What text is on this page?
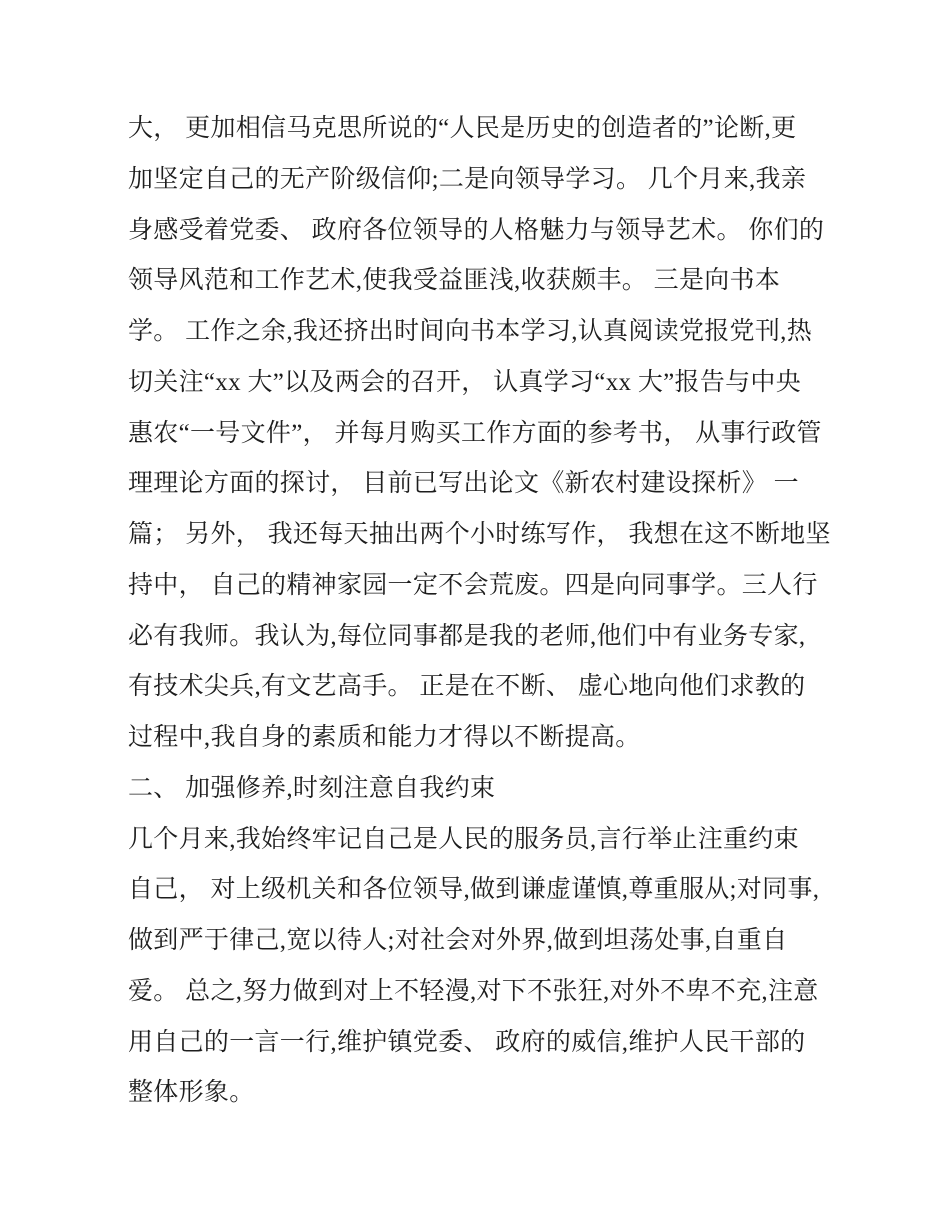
大， 更加相信马克思所说的“人民是历史的创造者的”论断,更
加坚定自己的无产阶级信仰;二是向领导学习。 几个月来,我亲
身感受着党委、 政府各位领导的人格魅力与领导艺术。 你们的
领导风范和工作艺术,使我受益匪浅,收获颇丰。 三是向书本
学。 工作之余,我还挤出时间向书本学习,认真阅读党报党刊,热
切关注“xx 大”以及两会的召开， 认真学习“xx 大”报告与中央
惠农“一号文件”， 并每月购买工作方面的参考书， 从事行政管
理理论方面的探讨， 目前已写出论文《新农村建设探析》 一
篇； 另外， 我还每天抽出两个小时练写作， 我想在这不断地坚
持中， 自己的精神家园一定不会荒废。四是向同事学。三人行
必有我师。我认为,每位同事都是我的老师,他们中有业务专家,
有技术尖兵,有文艺高手。 正是在不断、 虚心地向他们求教的
过程中,我自身的素质和能力才得以不断提高。
二、 加强修养,时刻注意自我约束
几个月来,我始终牢记自己是人民的服务员,言行举止注重约束
自己， 对上级机关和各位领导,做到谦虚谨慎,尊重服从;对同事,
做到严于律己,宽以待人;对社会对外界,做到坦荡处事,自重自
爱。 总之,努力做到对上不轻漫,对下不张狂,对外不卑不充,注意
用自己的一言一行,维护镇党委、 政府的威信,维护人民干部的
整体形象。
